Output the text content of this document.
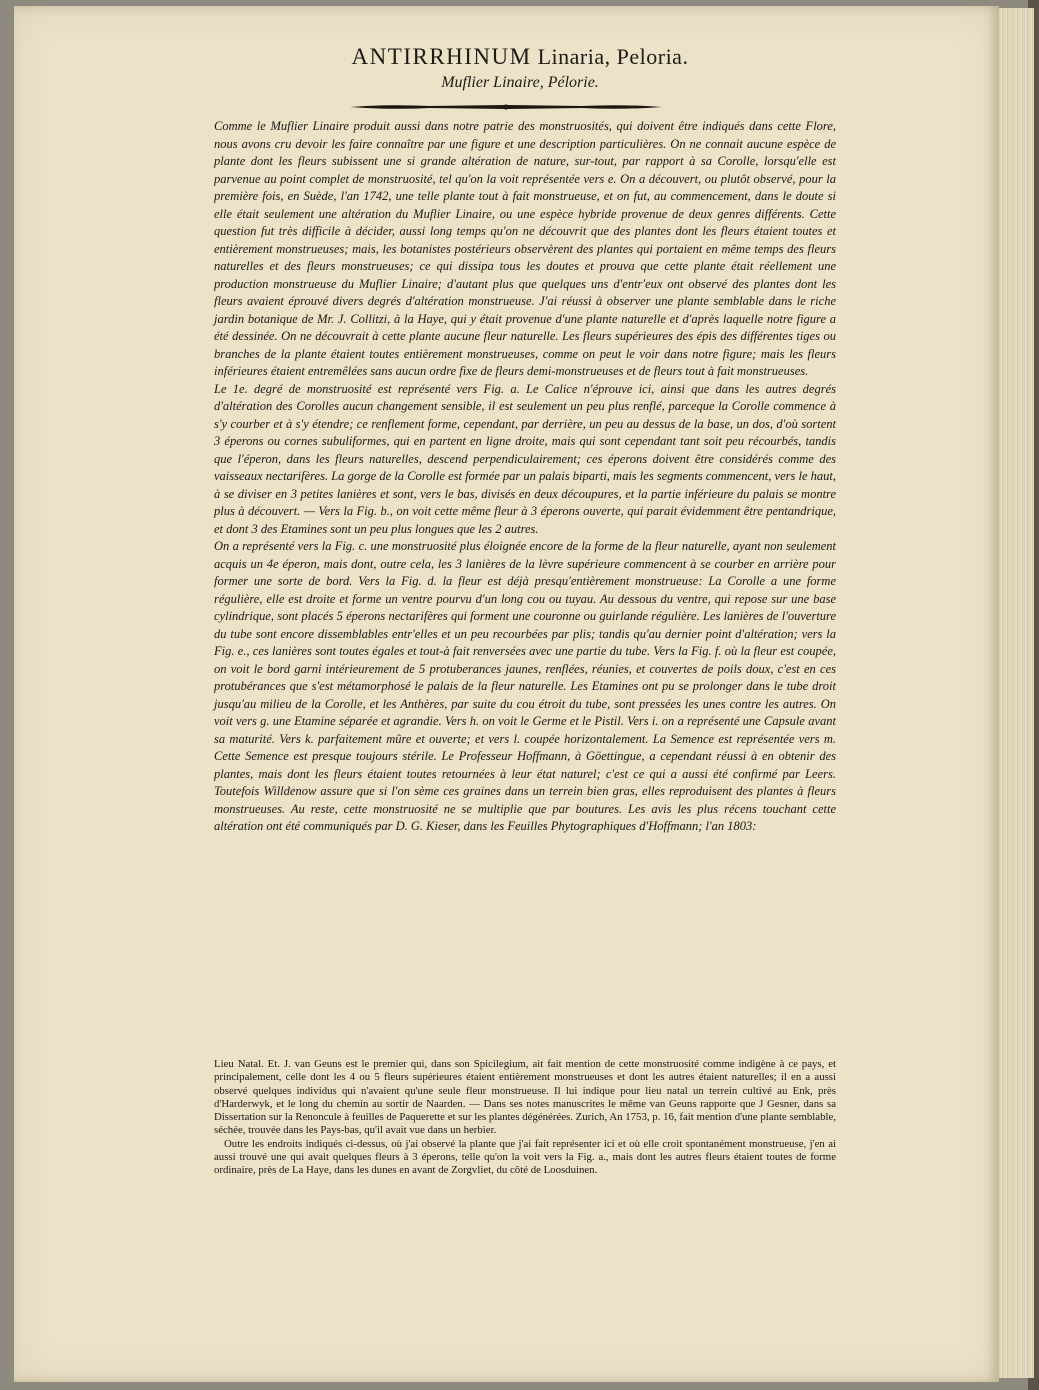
ANTIRRHINUM Linaria, Peloria.
Muflier Linaire, Pélorie.

Comme le Muflier Linaire produit aussi dans notre patrie des monstruosités, qui doivent être indiqués dans cette Flore, nous avons cru devoir les faire connaître par une figure et une description particulières. On ne connait aucune espèce de plante dont les fleurs subissent une si grande altération de nature, sur-tout, par rapport à sa Corolle, lorsqu'elle est parvenue au point complet de monstruosité, tel qu'on la voit représentée vers e. On a découvert, ou plutôt observé, pour la première fois, en Suède, l'an 1742, une telle plante tout à fait monstrueuse, et on fut, au commencement, dans le doute si elle était seulement une altération du Muflier Linaire, ou une espèce hybride provenue de deux genres différents. Cette question fut très difficile à décider, aussi long temps qu'on ne découvrit que des plantes dont les fleurs étaient toutes et entièrement monstrueuses; mais, les botanistes postérieurs observèrent des plantes qui portaient en même temps des fleurs naturelles et des fleurs monstrueuses; ce qui dissipa tous les doutes et prouva que cette plante était réellement une production monstrueuse du Muflier Linaire; d'autant plus que quelques uns d'entr'eux ont observé des plantes dont les fleurs avaient éprouvé divers degrés d'altération monstrueuse. J'ai réussi à observer une plante semblable dans le riche jardin botanique de Mr. J. Collitzi, à la Haye, qui y était provenue d'une plante naturelle et d'après laquelle notre figure a été dessinée. On ne découvrait à cette plante aucune fleur naturelle. Les fleurs supérieures des épis des différentes tiges ou branches de la plante étaient toutes entièrement monstrueuses, comme on peut le voir dans notre figure; mais les fleurs inférieures étaient entremêlées sans aucun ordre fixe de fleurs demi-monstrueuses et de fleurs tout à fait monstrueuses.

Le 1e. degré de monstruosité est représenté vers Fig. a. Le Calice n'éprouve ici, ainsi que dans les autres degrés d'altération des Corolles aucun changement sensible, il est seulement un peu plus renflé, parceque la Corolle commence à s'y courber et à s'y étendre; ce renflement forme, cependant, par derrière, un peu au dessus de la base, un dos, d'où sortent 3 éperons ou cornes subuliformes, qui en partent en ligne droite, mais qui sont cependant tant soit peu récourbés, tandis que l'éperon, dans les fleurs naturelles, descend perpendiculairement; ces éperons doivent être considérés comme des vaisseaux nectarifères. La gorge de la Corolle est formée par un palais biparti, mais les segments commencent, vers le haut, à se diviser en 3 petites lanières et sont, vers le bas, divisés en deux découpures, et la partie inférieure du palais se montre plus à découvert. — Vers la Fig. b., on voit cette même fleur à 3 éperons ouverte, qui parait évidemment être pentandrique, et dont 3 des Etamines sont un peu plus longues que les 2 autres.

On a représenté vers la Fig. c. une monstruosité plus éloignée encore de la forme de la fleur naturelle, ayant non seulement acquis un 4e éperon, mais dont, outre cela, les 3 lanières de la lèvre supérieure commencent à se courber en arrière pour former une sorte de bord. Vers la Fig. d. la fleur est déjà presqu'entièrement monstrueuse: La Corolle a une forme régulière, elle est droite et forme un ventre pourvu d'un long cou ou tuyau. Au dessous du ventre, qui repose sur une base cylindrique, sont placés 5 éperons nectarifères qui forment une couronne ou guirlande régulière. Les lanières de l'ouverture du tube sont encore dissemblables entr'elles et un peu recourbées par plis; tandis qu'au dernier point d'altération; vers la Fig. e., ces lanières sont toutes égales et tout-à fait renversées avec une partie du tube. Vers la Fig. f. où la fleur est coupée, on voit le bord garni intérieurement de 5 protuberances jaunes, renflées, réunies, et couvertes de poils doux, c'est en ces protubérances que s'est métamorphosé le palais de la fleur naturelle. Les Etamines ont pu se prolonger dans le tube droit jusqu'au milieu de la Corolle, et les Anthères, par suite du cou étroit du tube, sont pressées les unes contre les autres. On voit vers g. une Etamine séparée et agrandie. Vers h. on voit le Germe et le Pistil. Vers i. on a représenté une Capsule avant sa maturité. Vers k. parfaitement mûre et ouverte; et vers l. coupée horizontalement. La Semence est représentée vers m. Cette Semence est presque toujours stérile. Le Professeur Hoffmann, à Göettingue, a cependant réussi à en obtenir des plantes, mais dont les fleurs étaient toutes retournées à leur état naturel; c'est ce qui a aussi été confirmé par Leers. Toutefois Willdenow assure que si l'on sème ces graines dans un terrein bien gras, elles reproduisent des plantes à fleurs monstrueuses. Au reste, cette monstruosité ne se multiplie que par boutures. Les avis les plus récens touchant cette altération ont été communiqués par D. G. Kieser, dans les Feuilles Phytographiques d'Hoffmann; l'an 1803:

Lieu Natal. Et. J. van Geuns est le premier qui, dans son Spicilegium, ait fait mention de cette monstruosité comme indigène à ce pays, et principalement, celle dont les 4 ou 5 fleurs supérieures étaient entièrement monstrueuses et dont les autres étaient naturelles; il en a aussi observé quelques individus qui n'avaient qu'une seule fleur monstrueuse. Il lui indique pour lieu natal un terrein cultivé au Enk, près d'Harderwyk, et le long du chemin au sortir de Naarden. — Dans ses notes manuscrites le même van Geuns rapporte que J Gesner, dans sa Dissertation sur la Renoncule à feuilles de Paquerette et sur les plantes dégénérées. Zurich, An 1753, p. 16, fait mention d'une plante semblable, séchée, trouvée dans les Pays-bas, qu'il avait vue dans un herbier.

Outre les endroits indiqués ci-dessus, où j'ai observé la plante que j'ai fait représenter ici et où elle croit spontanément monstrueuse, j'en ai aussi trouvé une qui avait quelques fleurs à 3 éperons, telle qu'on la voit vers la Fig. a., mais dont les autres fleurs étaient toutes de forme ordinaire, près de La Haye, dans les dunes en avant de Zorgvliet, du côté de Loosduinen.
